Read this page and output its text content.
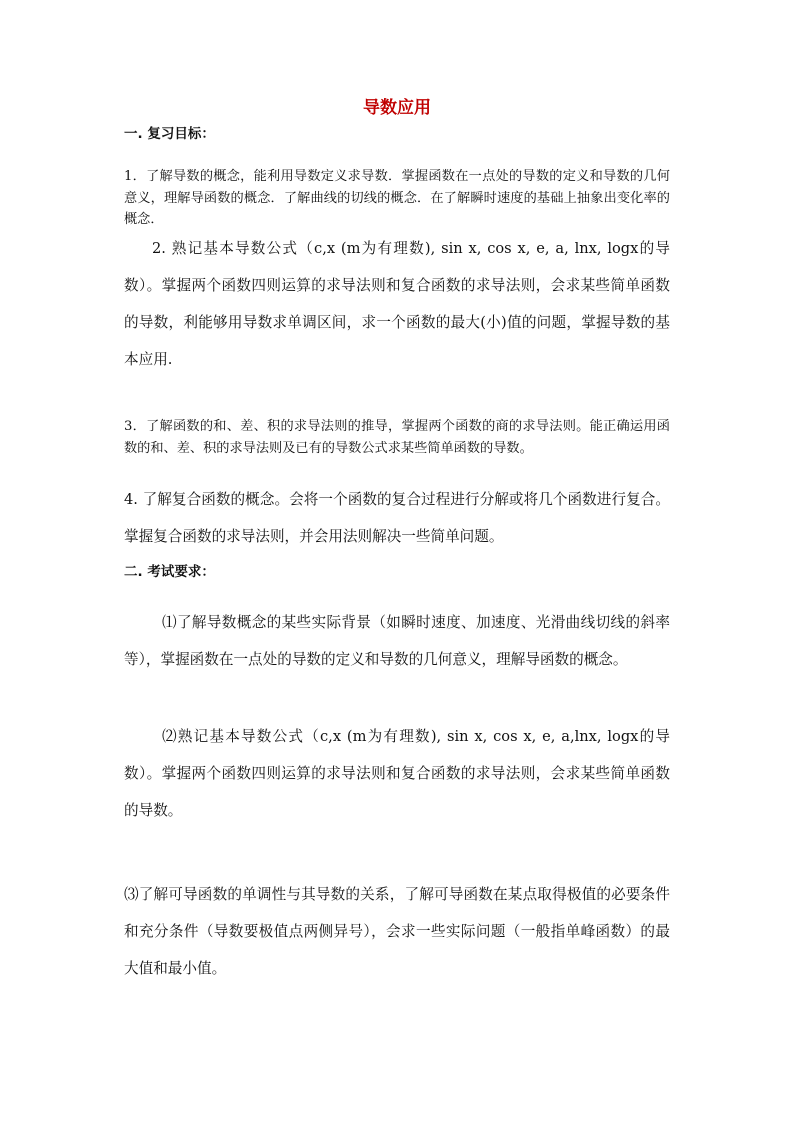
导数应用
一. 复习目标：

1．了解导数的概念，能利用导数定义求导数．掌握函数在一点处的导数的定义和导数的几何意义，理解导函数的概念．了解曲线的切线的概念．在了解瞬时速度的基础上抽象出变化率的概念．

2. 熟记基本导数公式（c,x (m为有理数), sin x, cos x, e, a, lnx, logx的导数）。掌握两个函数四则运算的求导法则和复合函数的求导法则，会求某些简单函数的导数，利能够用导数求单调区间，求一个函数的最大(小)值的问题，掌握导数的基本应用.

3．了解函数的和、差、积的求导法则的推导，掌握两个函数的商的求导法则。能正确运用函数的和、差、积的求导法则及已有的导数公式求某些简单函数的导数。

4. 了解复合函数的概念。会将一个函数的复合过程进行分解或将几个函数进行复合。掌握复合函数的求导法则，并会用法则解决一些简单问题。

二. 考试要求：

⑴了解导数概念的某些实际背景（如瞬时速度、加速度、光滑曲线切线的斜率等），掌握函数在一点处的导数的定义和导数的几何意义，理解导函数的概念。

⑵熟记基本导数公式（c,x (m为有理数), sin x, cos x, e, a,lnx, logx的导数）。掌握两个函数四则运算的求导法则和复合函数的求导法则，会求某些简单函数的导数。

⑶了解可导函数的单调性与其导数的关系，了解可导函数在某点取得极值的必要条件和充分条件（导数要极值点两侧异号），会求一些实际问题（一般指单峰函数）的最大值和最小值。
